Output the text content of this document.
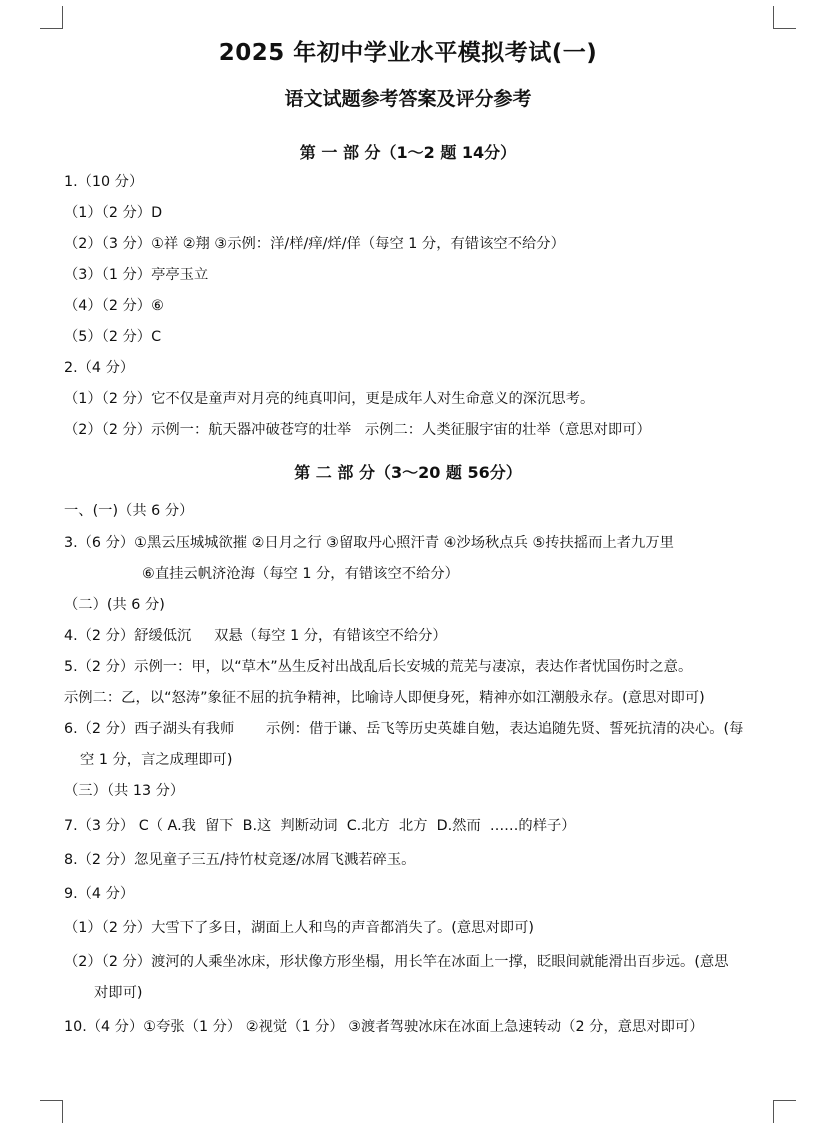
2025 年初中学业水平模拟考试(一)
语文试题参考答案及评分参考
第 一 部 分（1～2 题 14分）
1.（10 分）
（1）（2 分）D
（2）（3 分）①祥 ②翔 ③示例：洋/样/痒/烊/佯（每空 1 分，有错该空不给分）
（3）（1 分）亭亭玉立
（4）（2 分）⑥
（5）（2 分）C
2.（4 分）
（1）（2 分）它不仅是童声对月亮的纯真叩问，更是成年人对生命意义的深沉思考。
（2）（2 分）示例一：航天器冲破苍穹的壮举   示例二：人类征服宇宙的壮举（意思对即可）
第 二 部 分（3～20 题 56分）
一、(一)（共 6 分）
3.（6 分）①黑云压城城欲摧 ②日月之行 ③留取丹心照汗青 ④沙场秋点兵 ⑤抟扶摇而上者九万里
⑥直挂云帆济沧海（每空 1 分，有错该空不给分）
（二）(共 6 分)
4.（2 分）舒缓低沉     双悬（每空 1 分，有错该空不给分）
5.（2 分）示例一：甲，以“草木”丛生反衬出战乱后长安城的荒芜与凄凉，表达作者忧国伤时之意。
示例二：乙，以“怒涛”象征不屈的抗争精神，比喻诗人即便身死，精神亦如江潮般永存。(意思对即可)
6.（2 分）西子湖头有我师       示例：借于谦、岳飞等历史英雄自勉，表达追随先贤、誓死抗清的决心。(每
空 1 分，言之成理即可)
（三）（共 13 分）
7.（3 分） C（ A.我  留下  B.这  判断动词  C.北方  北方  D.然而  ……的样子）
8.（2 分）忽见童子三五/持竹杖竞逐/冰屑飞溅若碎玉。
9.（4 分）
（1）（2 分）大雪下了多日，湖面上人和鸟的声音都消失了。(意思对即可)
（2）（2 分）渡河的人乘坐冰床，形状像方形坐榻，用长竿在冰面上一撑，眨眼间就能滑出百步远。(意思
对即可)
10.（4 分）①夸张（1 分） ②视觉（1 分） ③渡者驾驶冰床在冰面上急速转动（2 分，意思对即可）
